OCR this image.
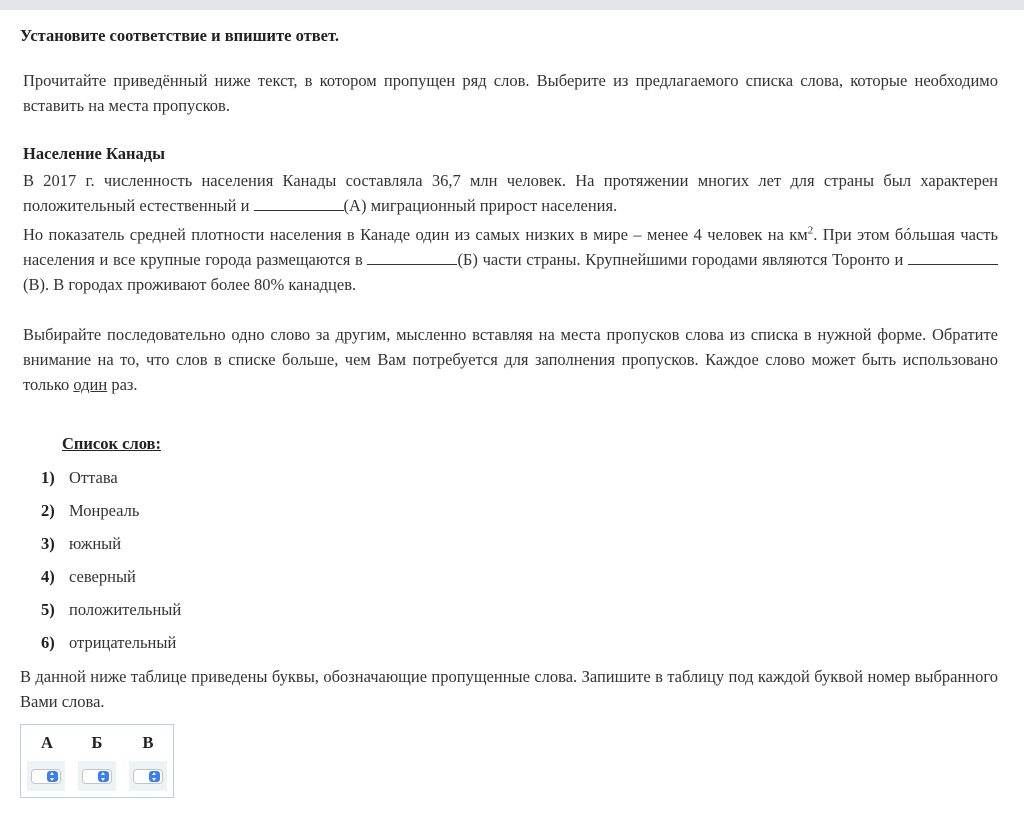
Установите соответствие и впишите ответ.

Прочитайте приведённый ниже текст, в котором пропущен ряд слов. Выберите из предлагаемого списка слова, которые необходимо вставить на места пропусков.

Население Канады

В 2017 г. численность населения Канады составляла 36,7 млн человек. На протяжении многих лет для страны был характерен положительный естественный и	(А) миграционный прирост населения.

Но показатель средней плотности населения в Канаде один из самых низких в мире – менее 4 человек на $км^2$. При этом бóльшая часть населения и все крупные города размещаются в	(Б) части страны. Крупнейшими городами являются Торонто и (В). В городах проживают более 80% канадцев.

Выбирайте последовательно одно слово за другим, мысленно вставляя на места пропусков слова из списка в нужной форме. Обратите внимание на то, что слов в списке больше, чем Вам потребуется для заполнения пропусков. Каждое слово может быть использовано только один раз.

Список слов:
1) Оттава
2) Монреаль
3) южный
4) северный
5) положительный
6) отрицательный

В данной ниже таблице приведены буквы, обозначающие пропущенные слова. Запишите в таблицу под каждой буквой номер выбранного Вами слова.

А	Б	В
